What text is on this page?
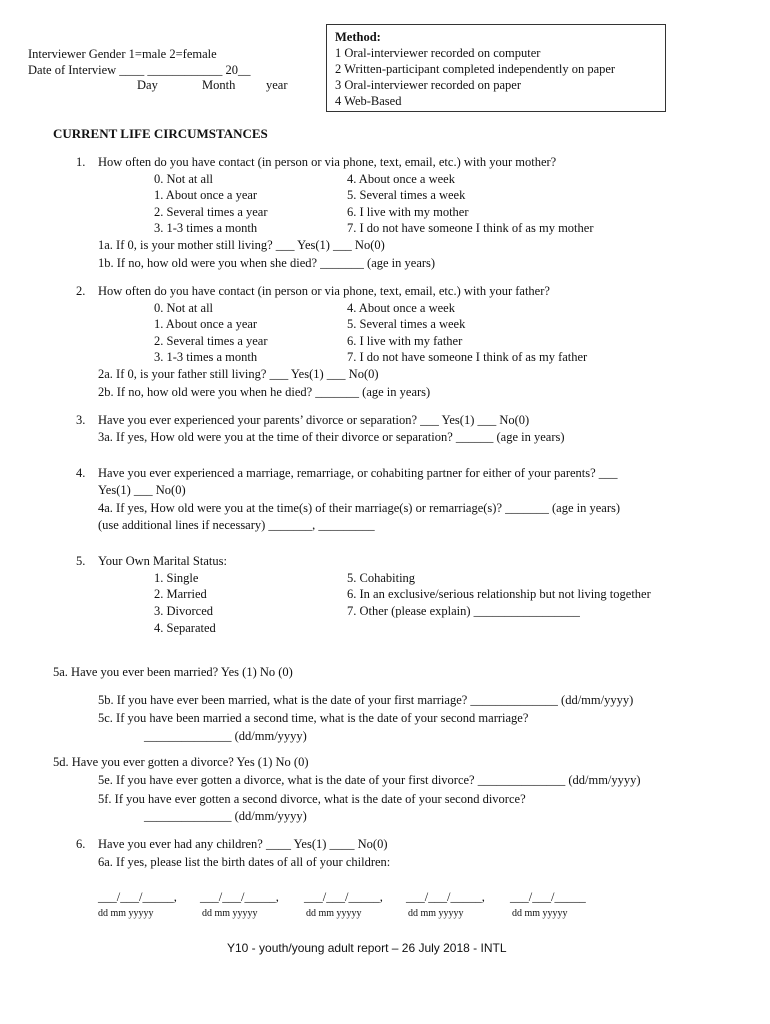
Interviewer Gender 1=male 2=female
Date of Interview ____ ____________ 20__
Day	Month year
Method:
1 Oral-interviewer recorded on computer
2 Written-participant completed independently on paper
3 Oral-interviewer recorded on paper
4 Web-Based
CURRENT LIFE CIRCUMSTANCES
1. How often do you have contact (in person or via phone, text, email, etc.) with your mother?
0. Not at all
1. About once a year
2. Several times a year
3. 1-3 times a month
4. About once a week
5. Several times a week
6. I live with my mother
7. I do not have someone I think of as my mother
1a. If 0, is your mother still living? ___ Yes(1) ___ No(0)
1b. If no, how old were you when she died? _______ (age in years)
2. How often do you have contact (in person or via phone, text, email, etc.) with your father?
0. Not at all
1. About once a year
2. Several times a year
3. 1-3 times a month
4. About once a week
5. Several times a week
6. I live with my father
7. I do not have someone I think of as my father
2a. If 0, is your father still living? ___ Yes(1) ___ No(0)
2b. If no, how old were you when he died? _______ (age in years)
3. Have you ever experienced your parents’ divorce or separation? ___ Yes(1) ___ No(0)
3a. If yes, How old were you at the time of their divorce or separation? ______ (age in years)
4. Have you ever experienced a marriage, remarriage, or cohabiting partner for either of your parents? ___
Yes(1) ___ No(0)
4a. If yes, How old were you at the time(s) of their marriage(s) or remarriage(s)? _______ (age in years)
(use additional lines if necessary) _______, _________
5. Your Own Marital Status:
1. Single
2. Married
3. Divorced
4. Separated
5. Cohabiting
6. In an exclusive/serious relationship but not living together
7. Other (please explain) _________________
5a. Have you ever been married? Yes (1) No (0)
5b. If you have ever been married, what is the date of your first marriage? ______________ (dd/mm/yyyy)
5c. If you have been married a second time, what is the date of your second marriage?
______________ (dd/mm/yyyy)
5d. Have you ever gotten a divorce? Yes (1) No (0)
5e. If you have ever gotten a divorce, what is the date of your first divorce? ______________ (dd/mm/yyyy)
5f. If you have ever gotten a second divorce, what is the date of your second divorce?
______________ (dd/mm/yyyy)
6. Have you ever had any children? ____ Yes(1) ____ No(0)
6a. If yes, please list the birth dates of all of your children:
___/___/_____, ___/___/_____, ___/___/_____, ___/___/_____, ___/___/_____
dd mm yyyyy	dd mm yyyyy	dd mm yyyyy	dd mm yyyyy	dd mm yyyyy
Y10 - youth/young adult report – 26 July 2018 - INTL
